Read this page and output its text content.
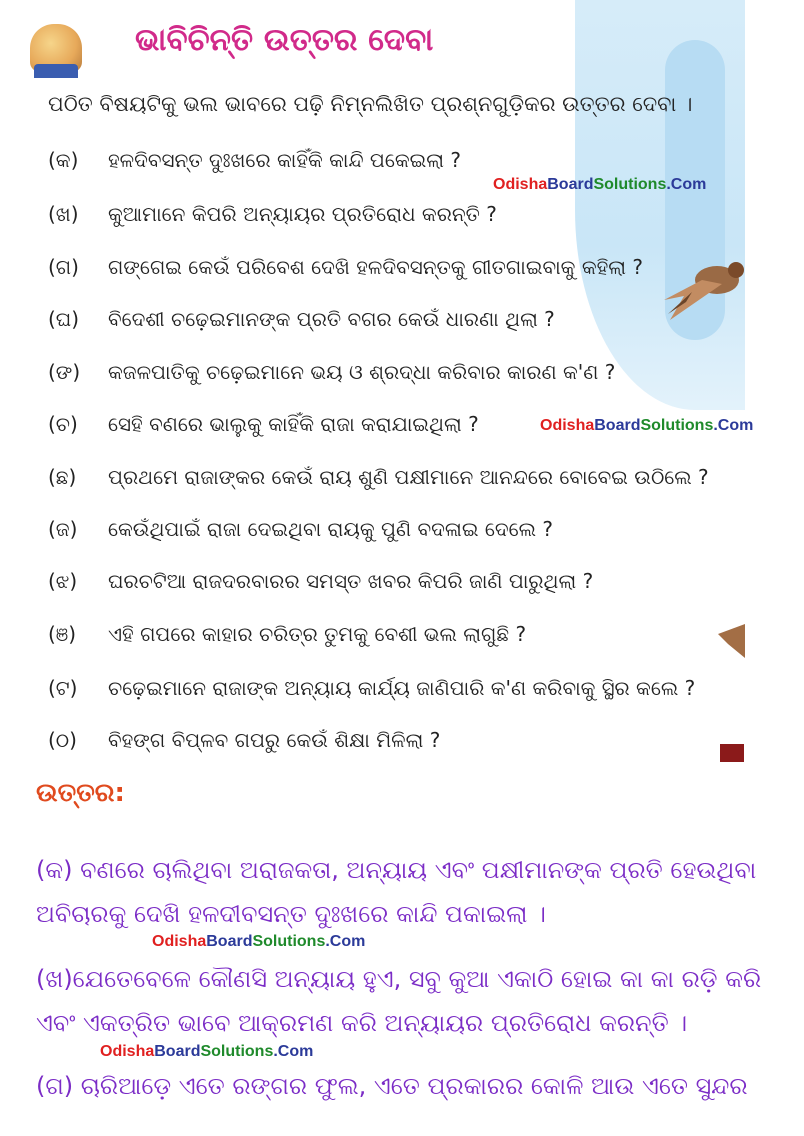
ଭାବିଚିନ୍ତି ଉତ୍ତର ଦେବା
ପଠିତ ବିଷୟଟିକୁ ଭଲ ଭାବରେ ପଢ଼ି ନିମ୍ନଲିଖିତ ପ୍ରଶ୍ନଗୁଡ଼ିକର ଉତ୍ତର ଦେବା ।
(କ)	ହଳଦିବସନ୍ତ ଦୁଃଖରେ କାହିଁକି କାନ୍ଦି ପକେଇଲା ?
(ଖ)	କୁଆମାନେ କିପରି ଅନ୍ୟାୟର ପ୍ରତିରୋଧ କରନ୍ତି ?
(ଗ)	ଗଙ୍ଗେଇ କେଉଁ ପରିବେଶ ଦେଖି ହଳଦିବସନ୍ତକୁ ଗୀତଗାଇବାକୁ କହିଲା ?
(ଘ)	ବିଦେଶୀ ଚଢ଼େଇମାନଙ୍କ ପ୍ରତି ବଗର କେଉଁ ଧାରଣା ଥିଲା ?
(ଙ)	କଜଳପାତିକୁ ଚଢ଼େଇମାନେ ଭୟ ଓ ଶ୍ରଦ୍ଧା କରିବାର କାରଣ କ'ଣ ?
(ଚ)	ସେହି ବଣରେ ଭାଲୁକୁ କାହିଁକି ରାଜା କରାଯାଇଥିଲା ?
(ଛ)	ପ୍ରଥମେ ରାଜାଙ୍କର କେଉଁ ରାୟ ଶୁଣି ପକ୍ଷୀମାନେ ଆନନ୍ଦରେ ବୋବେଇ ଉଠିଲେ ?
(ଜ)	କେଉଁଥିପାଇଁ ରାଜା ଦେଇଥିବା ରାୟକୁ ପୁଣି ବଦଳାଇ ଦେଲେ ?
(ଝ)	ଘରଚଟିଆ ରାଜଦରବାରର ସମସ୍ତ ଖବର କିପରି ଜାଣି ପାରୁଥିଲା ?
(ଞ)	ଏହି ଗପରେ କାହାର ଚରିତ୍ର ତୁମକୁ ବେଶୀ ଭଲ ଲାଗୁଛି ?
(ଟ)	ଚଢ଼େଇମାନେ ରାଜାଙ୍କ ଅନ୍ୟାୟ କାର୍ଯ୍ୟ ଜାଣିପାରି କ'ଣ କରିବାକୁ ସ୍ଥିର କଲେ ?
(ଠ)	ବିହଙ୍ଗ ବିପ୍ଳବ ଗପରୁ କେଉଁ ଶିକ୍ଷା ମିଳିଲା ?
OdishaBoardSolutions.Com
OdishaBoardSolutions.Com
ଉତ୍ତର:
(କ) ବଣରେ ଚାଲିଥିବା ଅରାଜକତା, ଅନ୍ୟାୟ ଏବଂ ପକ୍ଷୀମାନଙ୍କ ପ୍ରତି ହେଉଥିବା
ଅବିଚାରକୁ ଦେଖି ହଳଦୀବସନ୍ତ ଦୁଃଖରେ କାନ୍ଦି ପକାଇଲା ।
OdishaBoardSolutions.Com
(ଖ)ଯେତେବେଳେ କୌଣସି ଅନ୍ୟାୟ ହୁଏ, ସବୁ କୁଆ ଏକାଠି ହୋଇ କା କା ରଡ଼ି କରି
ଏବଂ ଏକତ୍ରିତ ଭାବେ ଆକ୍ରମଣ କରି ଅନ୍ୟାୟର ପ୍ରତିରୋଧ କରନ୍ତି ।
OdishaBoardSolutions.Com
(ଗ) ଚାରିଆଡ଼େ ଏତେ ରଙ୍ଗର ଫୁଲ, ଏତେ ପ୍ରକାରର କୋଳି ଆଉ ଏତେ ସୁନ୍ଦର
